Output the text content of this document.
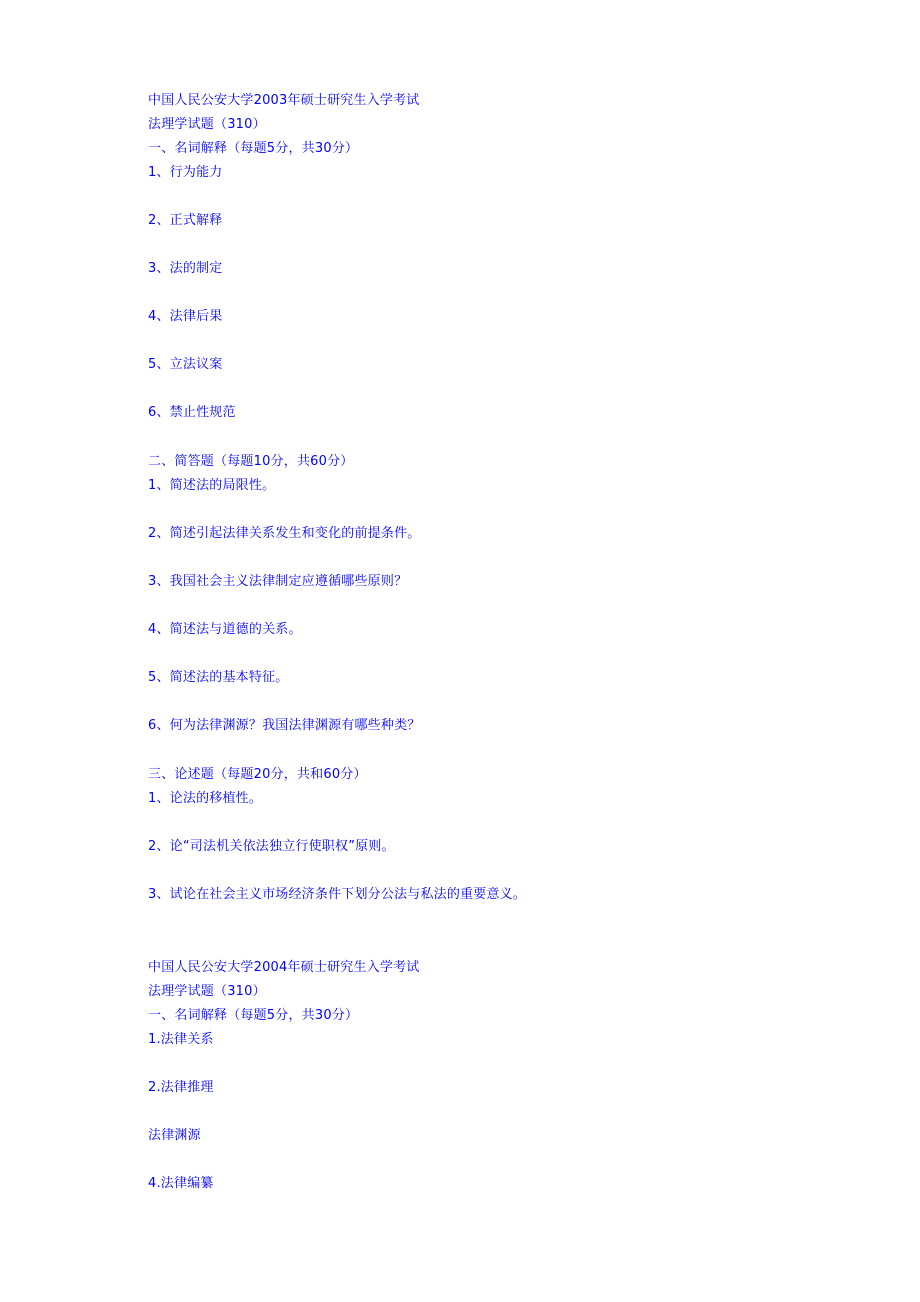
中国人民公安大学2003年硕士研究生入学考试
法理学试题（310）
一、名词解释（每题5分，共30分）
1、行为能力
2、正式解释
3、法的制定
4、法律后果
5、立法议案
6、禁止性规范
二、简答题（每题10分，共60分）
1、简述法的局限性。
2、简述引起法律关系发生和变化的前提条件。
3、我国社会主义法律制定应遵循哪些原则？
4、简述法与道德的关系。
5、简述法的基本特征。
6、何为法律渊源？我国法律渊源有哪些种类？
三、论述题（每题20分，共和60分）
1、论法的移植性。
2、论“司法机关依法独立行使职权”原则。
3、试论在社会主义市场经济条件下划分公法与私法的重要意义。
中国人民公安大学2004年硕士研究生入学考试
法理学试题（310）
一、名词解释（每题5分，共30分）
1.法律关系
2.法律推理
法律渊源
4.法律编纂
